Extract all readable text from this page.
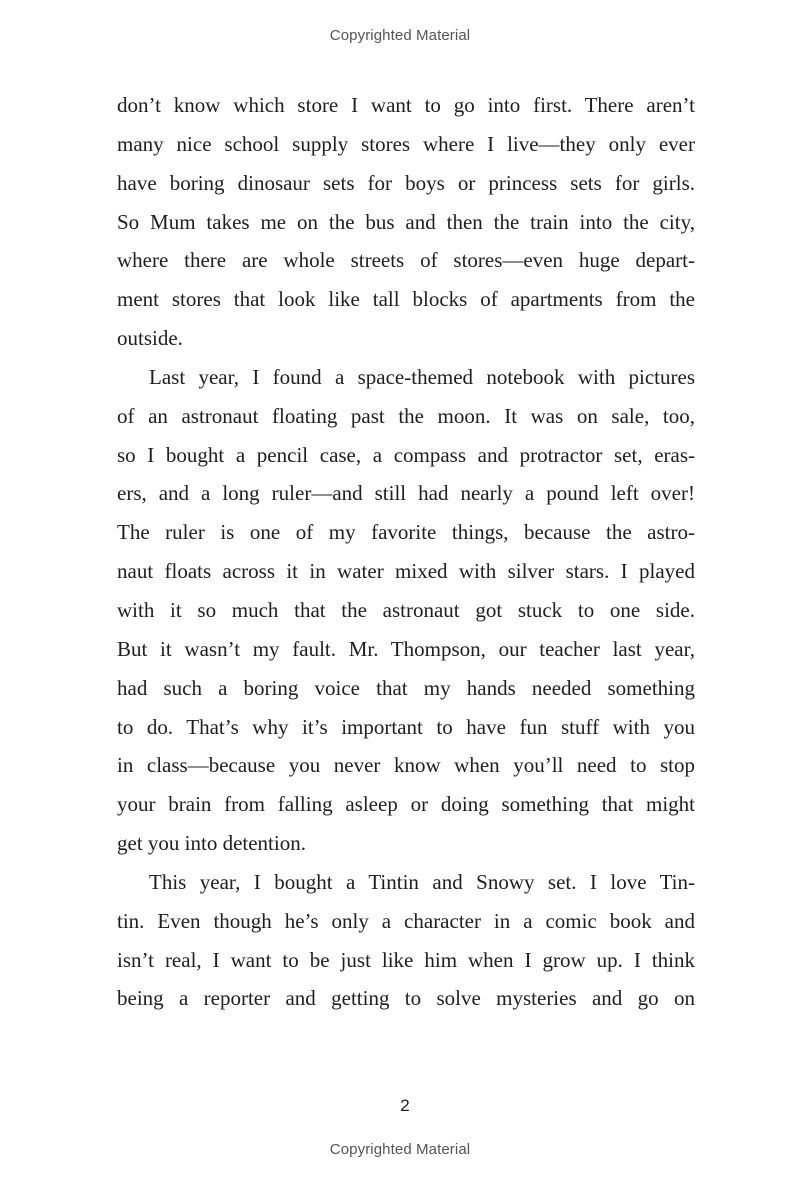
Copyrighted Material
don’t know which store I want to go into first. There aren’t
many nice school supply stores where I live—they only ever
have boring dinosaur sets for boys or princess sets for girls.
So Mum takes me on the bus and then the train into the city,
where there are whole streets of stores—even huge depart-
ment stores that look like tall blocks of apartments from the
outside.
Last year, I found a space-themed notebook with pictures
of an astronaut floating past the moon. It was on sale, too,
so I bought a pencil case, a compass and protractor set, eras-
ers, and a long ruler—and still had nearly a pound left over!
The ruler is one of my favorite things, because the astro-
naut floats across it in water mixed with silver stars. I played
with it so much that the astronaut got stuck to one side.
But it wasn’t my fault. Mr. Thompson, our teacher last year,
had such a boring voice that my hands needed something
to do. That’s why it’s important to have fun stuff with you
in class—because you never know when you’ll need to stop
your brain from falling asleep or doing something that might
get you into detention.
This year, I bought a Tintin and Snowy set. I love Tin-
tin. Even though he’s only a character in a comic book and
isn’t real, I want to be just like him when I grow up. I think
being a reporter and getting to solve mysteries and go on
2
Copyrighted Material
